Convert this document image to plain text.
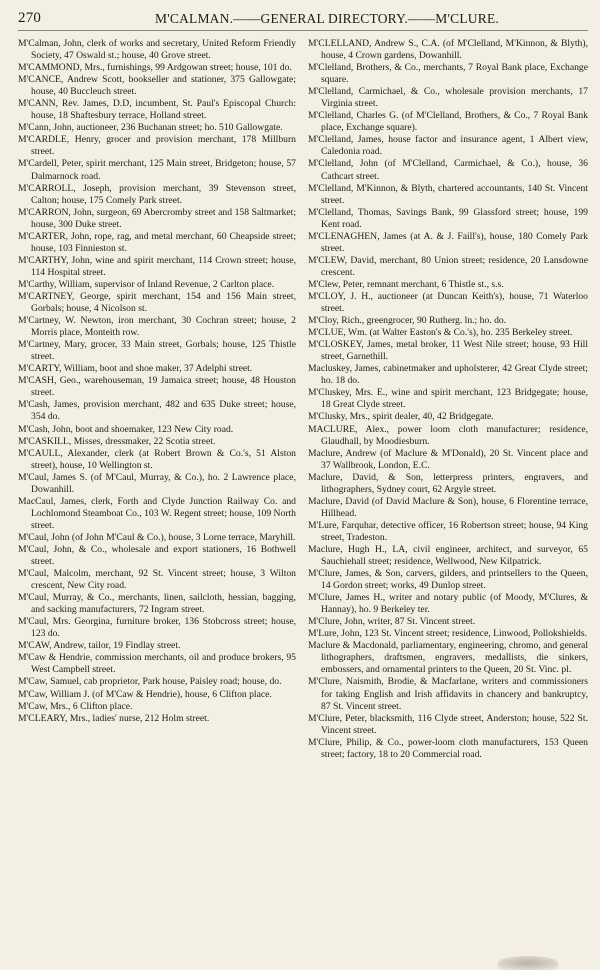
270	M'CALMAN.——GENERAL DIRECTORY.——M'CLURE.

M'Calman, John, clerk of works and secretary, United Reform Friendly Society, 47 Oswald st.; house, 40 Grove street.

M'CAMMOND, Mrs., furnishings, 99 Ardgowan street; house, 101 do.

M'CANCE, Andrew Scott, bookseller and stationer, 375 Gallowgate; house, 40 Buccleuch street.

M'CANN, Rev. James, D.D, incumbent, St. Paul's Episcopal Church: house, 18 Shaftesbury terrace, Holland street.

M'Cann, John, auctioneer, 236 Buchanan street; ho. 510 Gallowgate.

M'CARDLE, Henry, grocer and provision merchant, 178 Millburn street.

M'Cardell, Peter, spirit merchant, 125 Main street, Bridgeton; house, 57 Dalmarnock road.

M'CARROLL, Joseph, provision merchant, 39 Stevenson street, Calton; house, 175 Comely Park street.

M'CARRON, John, surgeon, 69 Abercromby street and 158 Saltmarket; house, 300 Duke street.

M'CARTER, John, rope, rag, and metal merchant, 60 Cheapside street; house, 103 Finnieston st.

M'CARTHY, John, wine and spirit merchant, 114 Crown street; house, 114 Hospital street.

M'Carthy, William, supervisor of Inland Revenue, 2 Carlton place.

M'CARTNEY, George, spirit merchant, 154 and 156 Main street, Gorbals; house, 4 Nicolson st.

M'Cartney, W. Newton, iron merchant, 30 Cochran street; house, 2 Morris place, Monteith row.

M'Cartney, Mary, grocer, 33 Main street, Gorbals; house, 125 Thistle street.

M'CARTY, William, boot and shoe maker, 37 Adelphi street.

M'CASH, Geo., warehouseman, 19 Jamaica street; house, 48 Houston street.

M'Cash, James, provision merchant, 482 and 635 Duke street; house, 354 do.

M'Cash, John, boot and shoemaker, 123 New City road.

M'CASKILL, Misses, dressmaker, 22 Scotia street.

M'CAULL, Alexander, clerk (at Robert Brown & Co.'s, 51 Alston street), house, 10 Wellington st.

M'Caul, James S. (of M'Caul, Murray, & Co.), ho. 2 Lawrence place, Dowanhill.

MacCaul, James, clerk, Forth and Clyde Junction Railway Co. and Lochlomond Steamboat Co., 103 W. Regent street; house, 109 North street.

M'Caul, John (of John M'Caul & Co.), house, 3 Lorne terrace, Maryhill.

M'Caul, John, & Co., wholesale and export stationers, 16 Bothwell street.

M'Caul, Malcolm, merchant, 92 St. Vincent street; house, 3 Wilton crescent, New City road.

M'Caul, Murray, & Co., merchants, linen, sailcloth, hessian, bagging, and sacking manufacturers, 72 Ingram street.

M'Caul, Mrs. Georgina, furniture broker, 136 Stobcross street; house, 123 do.

M'CAW, Andrew, tailor, 19 Findlay street.

M'Caw & Hendrie, commission merchants, oil and produce brokers, 95 West Campbell street.

M'Caw, Samuel, cab proprietor, Park house, Paisley road; house, do.

M'Caw, William J. (of M'Caw & Hendrie), house, 6 Clifton place.

M'Caw, Mrs., 6 Clifton place.

M'CLEARY, Mrs., ladies' nurse, 212 Holm street.

M'CLELLAND, Andrew S., C.A. (of M'Clelland, M'Kinnon, & Blyth), house, 4 Crown gardens, Dowanhill.

M'Clelland, Brothers, & Co., merchants, 7 Royal Bank place, Exchange square.

M'Clelland, Carmichael, & Co., wholesale provision merchants, 17 Virginia street.

M'Clelland, Charles G. (of M'Clelland, Brothers, & Co., 7 Royal Bank place, Exchange square).

M'Clelland, James, house factor and insurance agent, 1 Albert view, Caledonia road.

M'Clelland, John (of M'Clelland, Carmichael, & Co.), house, 36 Cathcart street.

M'Clelland, M'Kinnon, & Blyth, chartered accountants, 140 St. Vincent street.

M'Clelland, Thomas, Savings Bank, 99 Glassford street; house, 199 Kent road.

M'CLENAGHEN, James (at A. & J. Faill's), house, 180 Comely Park street.

M'CLEW, David, merchant, 80 Union street; residence, 20 Lansdowne crescent.

M'Clew, Peter, remnant merchant, 6 Thistle st., s.s.

M'CLOY, J. H., auctioneer (at Duncan Keith's), house, 71 Waterloo street.

M'Cloy, Rich., greengrocer, 90 Rutherg. ln.; ho. do.

M'CLUE, Wm. (at Walter Easton's & Co.'s), ho. 235 Berkeley street.

M'CLOSKEY, James, metal broker, 11 West Nile street; house, 93 Hill street, Garnethill.

Macluskey, James, cabinetmaker and upholsterer, 42 Great Clyde street; ho. 18 do.

M'Cluskey, Mrs. E., wine and spirit merchant, 123 Bridgegate; house, 18 Great Clyde street.

M'Clusky, Mrs., spirit dealer, 40, 42 Bridgegate.

MACLURE, Alex., power loom cloth manufacturer; residence, Glaudhall, by Moodiesburn.

Maclure, Andrew (of Maclure & M'Donald), 20 St. Vincent place and 37 Wallbrook, London, E.C.

Maclure, David, & Son, letterpress printers, engravers, and lithographers, Sydney court, 62 Argyle street.

Maclure, David (of David Maclure & Son), house, 6 Florentine terrace, Hillhead.

M'Lure, Farquhar, detective officer, 16 Robertson street; house, 94 King street, Tradeston.

Maclure, Hugh H., LA, civil engineer, architect, and surveyor, 65 Sauchiehall street; residence, Wellwood, New Kilpatrick.

M'Clure, James, & Son, carvers, gilders, and printsellers to the Queen, 14 Gordon street; works, 49 Dunlop street.

M'Clure, James H., writer and notary public (of Moody, M'Clures, & Hannay), ho. 9 Berkeley ter.

M'Clure, John, writer, 87 St. Vincent street.

M'Lure, John, 123 St. Vincent street; residence, Linwood, Pollokshields.

Maclure & Macdonald, parliamentary, engineering, chromo, and general lithographers, draftsmen, engravers, medallists, die sinkers, embossers, and ornamental printers to the Queen, 20 St. Vinc. pl.

M'Clure, Naismith, Brodie, & Macfarlane, writers and commissioners for taking English and Irish affidavits in chancery and bankruptcy, 87 St. Vincent street.

M'Clure, Peter, blacksmith, 116 Clyde street, Anderston; house, 522 St. Vincent street.

M'Clure, Philip, & Co., power-loom cloth manufacturers, 153 Queen street; factory, 18 to 20 Commercial road.
